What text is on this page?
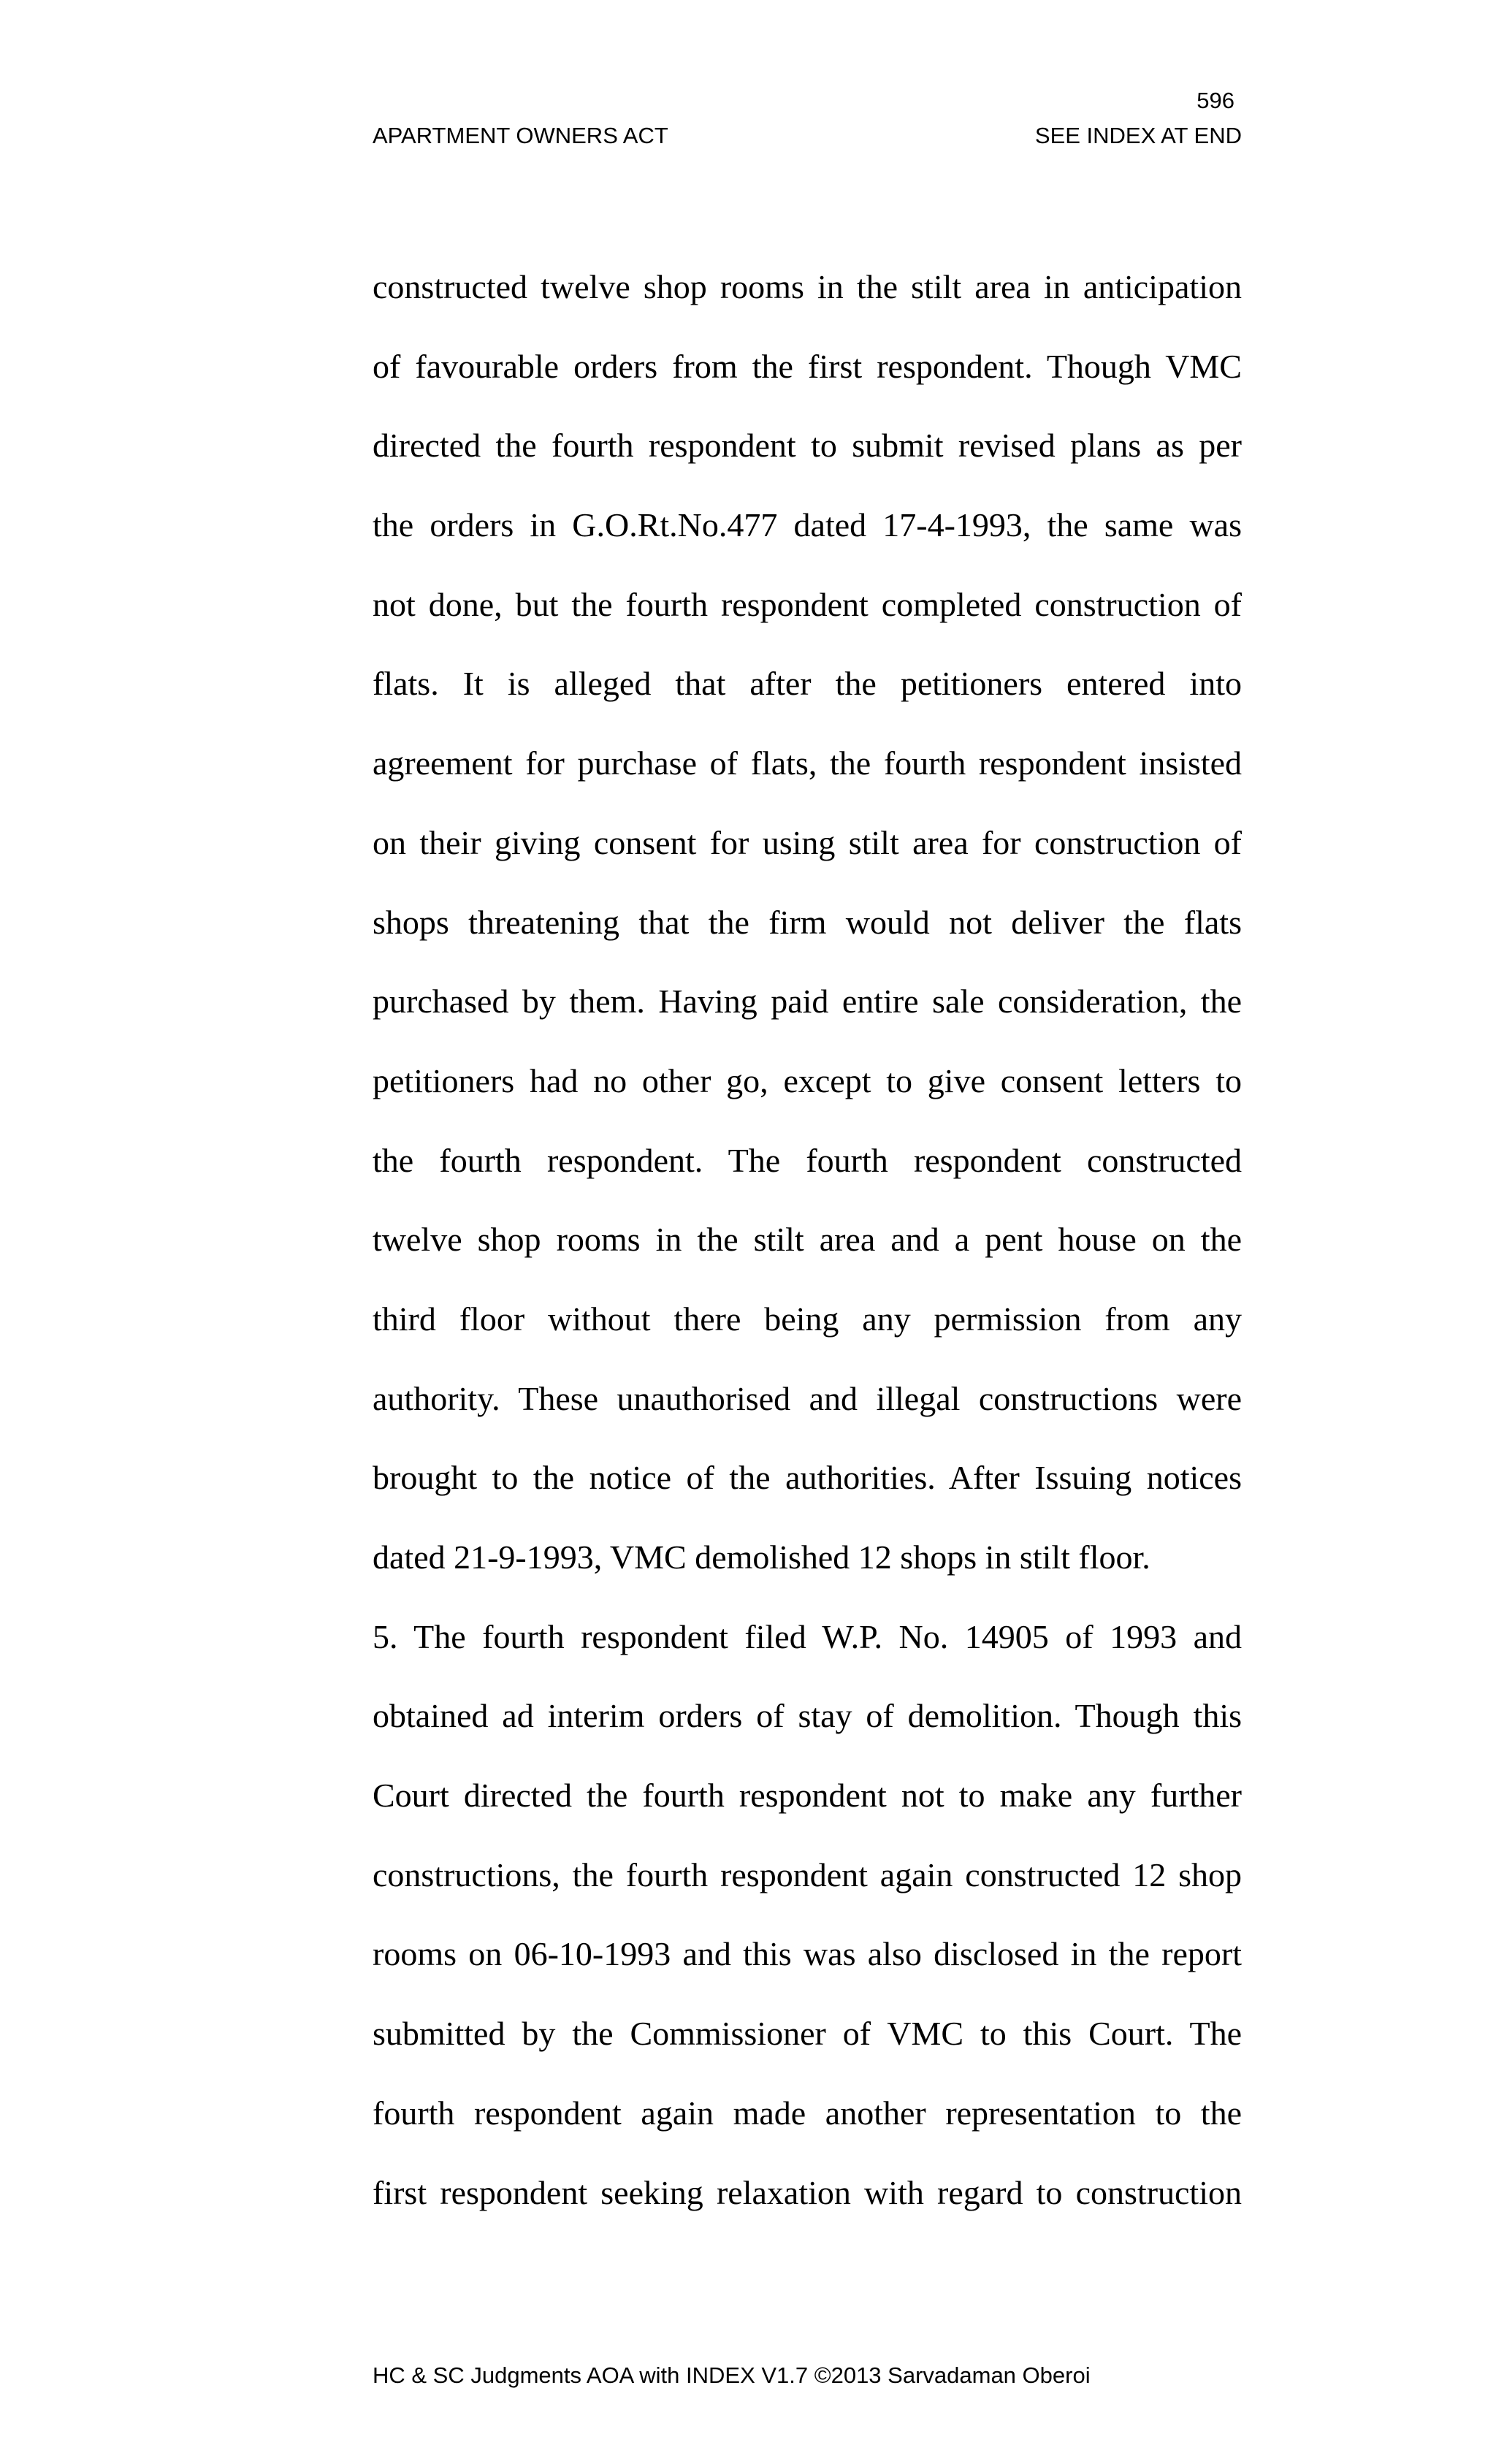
596
APARTMENT OWNERS ACT	SEE INDEX AT END
constructed twelve shop rooms in the stilt area in anticipation
of favourable orders from the first respondent. Though VMC
directed the fourth respondent to submit revised plans as per
the orders in G.O.Rt.No.477 dated 17-4-1993, the same was
not done, but the fourth respondent completed construction of
flats. It is alleged that after the petitioners entered into
agreement for purchase of flats, the fourth respondent insisted
on their giving consent for using stilt area for construction of
shops threatening that the firm would not deliver the flats
purchased by them. Having paid entire sale consideration, the
petitioners had no other go, except to give consent letters to
the fourth respondent. The fourth respondent constructed
twelve shop rooms in the stilt area and a pent house on the
third floor without there being any permission from any
authority. These unauthorised and illegal constructions were
brought to the notice of the authorities. After Issuing notices
dated 21-9-1993, VMC demolished 12 shops in stilt floor.
5. The fourth respondent filed W.P. No. 14905 of 1993 and
obtained ad interim orders of stay of demolition. Though this
Court directed the fourth respondent not to make any further
constructions, the fourth respondent again constructed 12 shop
rooms on 06-10-1993 and this was also disclosed in the report
submitted by the Commissioner of VMC to this Court. The
fourth respondent again made another representation to the
first respondent seeking relaxation with regard to construction
HC & SC Judgments AOA with INDEX V1.7 ©2013 Sarvadaman Oberoi
